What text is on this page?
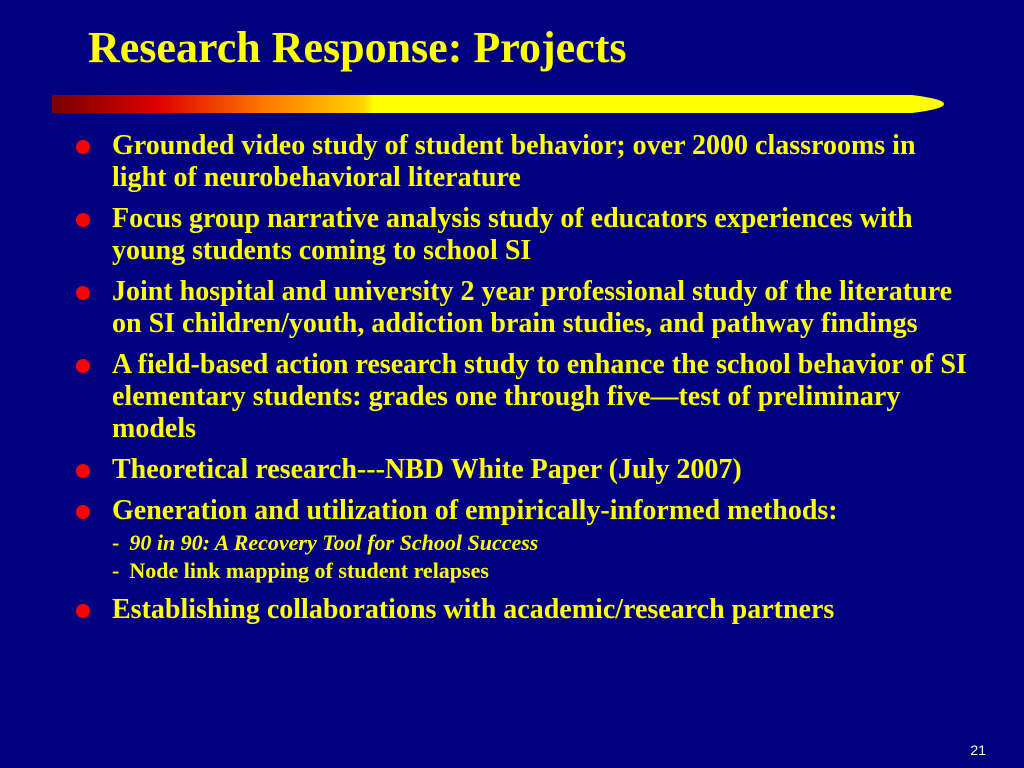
Research Response: Projects
Grounded video study of student behavior; over 2000 classrooms in light of neurobehavioral literature
Focus group narrative analysis study of educators experiences with young students coming to school SI
Joint hospital and university 2 year professional study of the literature on SI children/youth, addiction brain studies, and pathway findings
A field-based action research study to enhance the school behavior of SI elementary students: grades one through five—test of preliminary models
Theoretical research---NBD White Paper (July 2007)
Generation and utilization of empirically-informed methods:
- 90 in 90: A Recovery Tool for School Success
- Node link mapping of student relapses
Establishing collaborations with academic/research partners
21
